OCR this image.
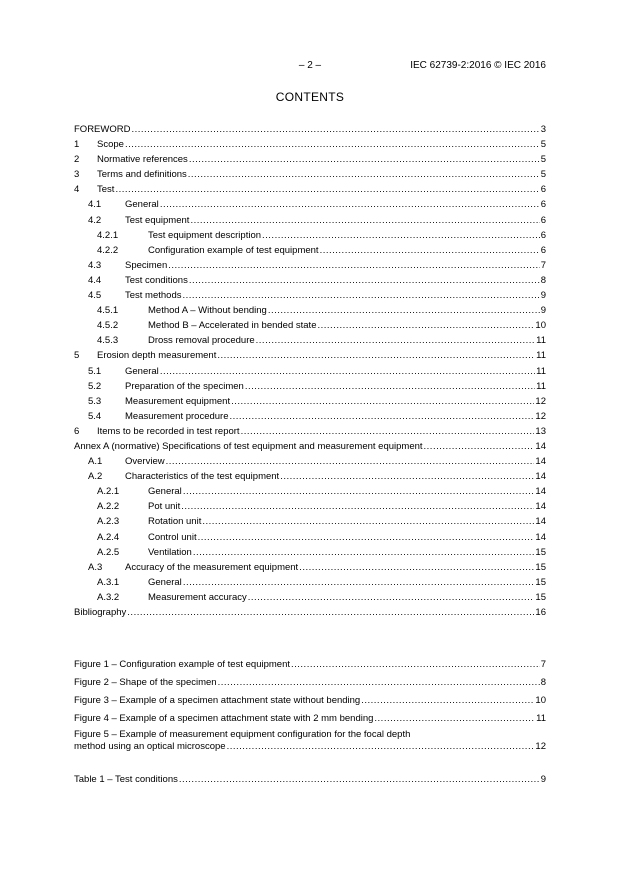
– 2 –	IEC 62739-2:2016 © IEC 2016
CONTENTS
FOREWORD .....	3
1	Scope .....	5
2	Normative references .....	5
3	Terms and definitions .....	5
4	Test .....	6
4.1	General .....	6
4.2	Test equipment .....	6
4.2.1	Test equipment description .....	6
4.2.2	Configuration example of test equipment .....	6
4.3	Specimen .....	7
4.4	Test conditions .....	8
4.5	Test methods .....	9
4.5.1	Method A – Without bending .....	9
4.5.2	Method B – Accelerated in bended state .....	10
4.5.3	Dross removal procedure .....	11
5	Erosion depth measurement .....	11
5.1	General .....	11
5.2	Preparation of the specimen .....	11
5.3	Measurement equipment .....	12
5.4	Measurement procedure .....	12
6	Items to be recorded in test report .....	13
Annex A (normative) Specifications of test equipment and measurement equipment .....	14
A.1	Overview .....	14
A.2	Characteristics of the test equipment .....	14
A.2.1	General .....	14
A.2.2	Pot unit .....	14
A.2.3	Rotation unit .....	14
A.2.4	Control unit .....	14
A.2.5	Ventilation .....	15
A.3	Accuracy of the measurement equipment .....	15
A.3.1	General .....	15
A.3.2	Measurement accuracy .....	15
Bibliography .....	16
Figure 1 – Configuration example of test equipment .....	7
Figure 2 – Shape of the specimen .....	8
Figure 3 – Example of a specimen attachment state without bending .....	10
Figure 4 – Example of a specimen attachment state with 2 mm bending .....	11
Figure 5 – Example of measurement equipment configuration for the focal depth
method using an optical microscope .....	12
Table 1 – Test conditions .....	9
